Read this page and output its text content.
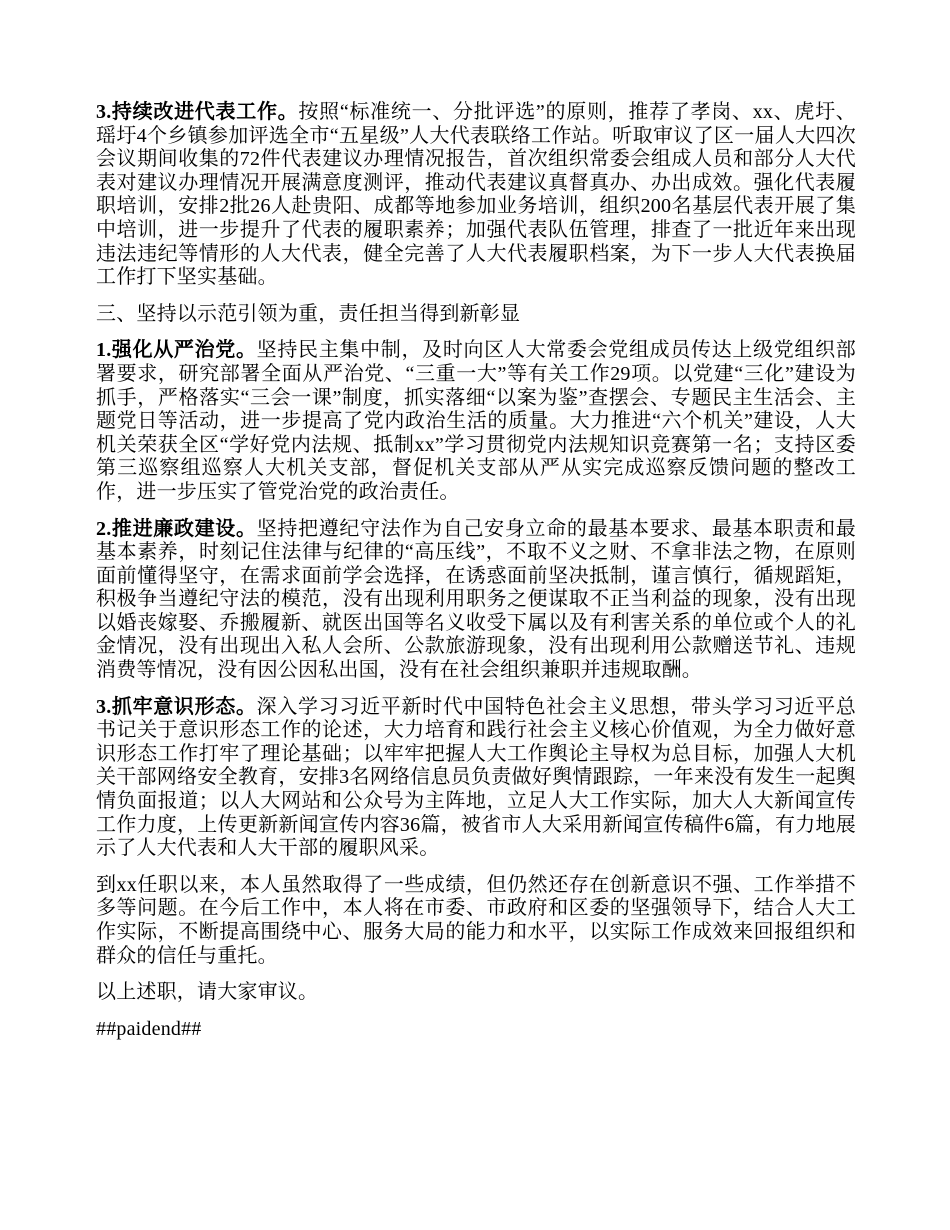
3.持续改进代表工作。按照“标准统一、分批评选”的原则，推荐了孝岗、xx、虎圩、瑶圩4个乡镇参加评选全市“五星级”人大代表联络工作站。听取审议了区一届人大四次会议期间收集的72件代表建议办理情况报告，首次组织常委会组成人员和部分人大代表对建议办理情况开展满意度测评，推动代表建议真督真办、办出成效。强化代表履职培训，安排2批26人赴贵阳、成都等地参加业务培训，组织200名基层代表开展了集中培训，进一步提升了代表的履职素养；加强代表队伍管理，排查了一批近年来出现违法违纪等情形的人大代表，健全完善了人大代表履职档案，为下一步人大代表换届工作打下坚实基础。

三、坚持以示范引领为重，责任担当得到新彰显

1.强化从严治党。坚持民主集中制，及时向区人大常委会党组成员传达上级党组织部署要求，研究部署全面从严治党、“三重一大”等有关工作29项。以党建“三化”建设为抓手，严格落实“三会一课”制度，抓实落细“以案为鉴”查摆会、专题民主生活会、主题党日等活动，进一步提高了党内政治生活的质量。大力推进“六个机关”建设，人大机关荣获全区“学好党内法规、抵制xx”学习贯彻党内法规知识竞赛第一名；支持区委第三巡察组巡察人大机关支部，督促机关支部从严从实完成巡察反馈问题的整改工作，进一步压实了管党治党的政治责任。

2.推进廉政建设。坚持把遵纪守法作为自己安身立命的最基本要求、最基本职责和最基本素养，时刻记住法律与纪律的“高压线”，不取不义之财、不拿非法之物，在原则面前懂得坚守，在需求面前学会选择，在诱惑面前坚决抵制，谨言慎行，循规蹈矩，积极争当遵纪守法的模范，没有出现利用职务之便谋取不正当利益的现象，没有出现以婚丧嫁娶、乔搬履新、就医出国等名义收受下属以及有利害关系的单位或个人的礼金情况，没有出现出入私人会所、公款旅游现象，没有出现利用公款赠送节礼、违规消费等情况，没有因公因私出国，没有在社会组织兼职并违规取酬。

3.抓牢意识形态。深入学习习近平新时代中国特色社会主义思想，带头学习习近平总书记关于意识形态工作的论述，大力培育和践行社会主义核心价值观，为全力做好意识形态工作打牢了理论基础；以牢牢把握人大工作舆论主导权为总目标，加强人大机关干部网络安全教育，安排3名网络信息员负责做好舆情跟踪，一年来没有发生一起舆情负面报道；以人大网站和公众号为主阵地，立足人大工作实际，加大人大新闻宣传工作力度，上传更新新闻宣传内容36篇，被省市人大采用新闻宣传稿件6篇，有力地展示了人大代表和人大干部的履职风采。

到xx任职以来，本人虽然取得了一些成绩，但仍然还存在创新意识不强、工作举措不多等问题。在今后工作中，本人将在市委、市政府和区委的坚强领导下，结合人大工作实际，不断提高围绕中心、服务大局的能力和水平，以实际工作成效来回报组织和群众的信任与重托。

以上述职，请大家审议。

##paidend##
